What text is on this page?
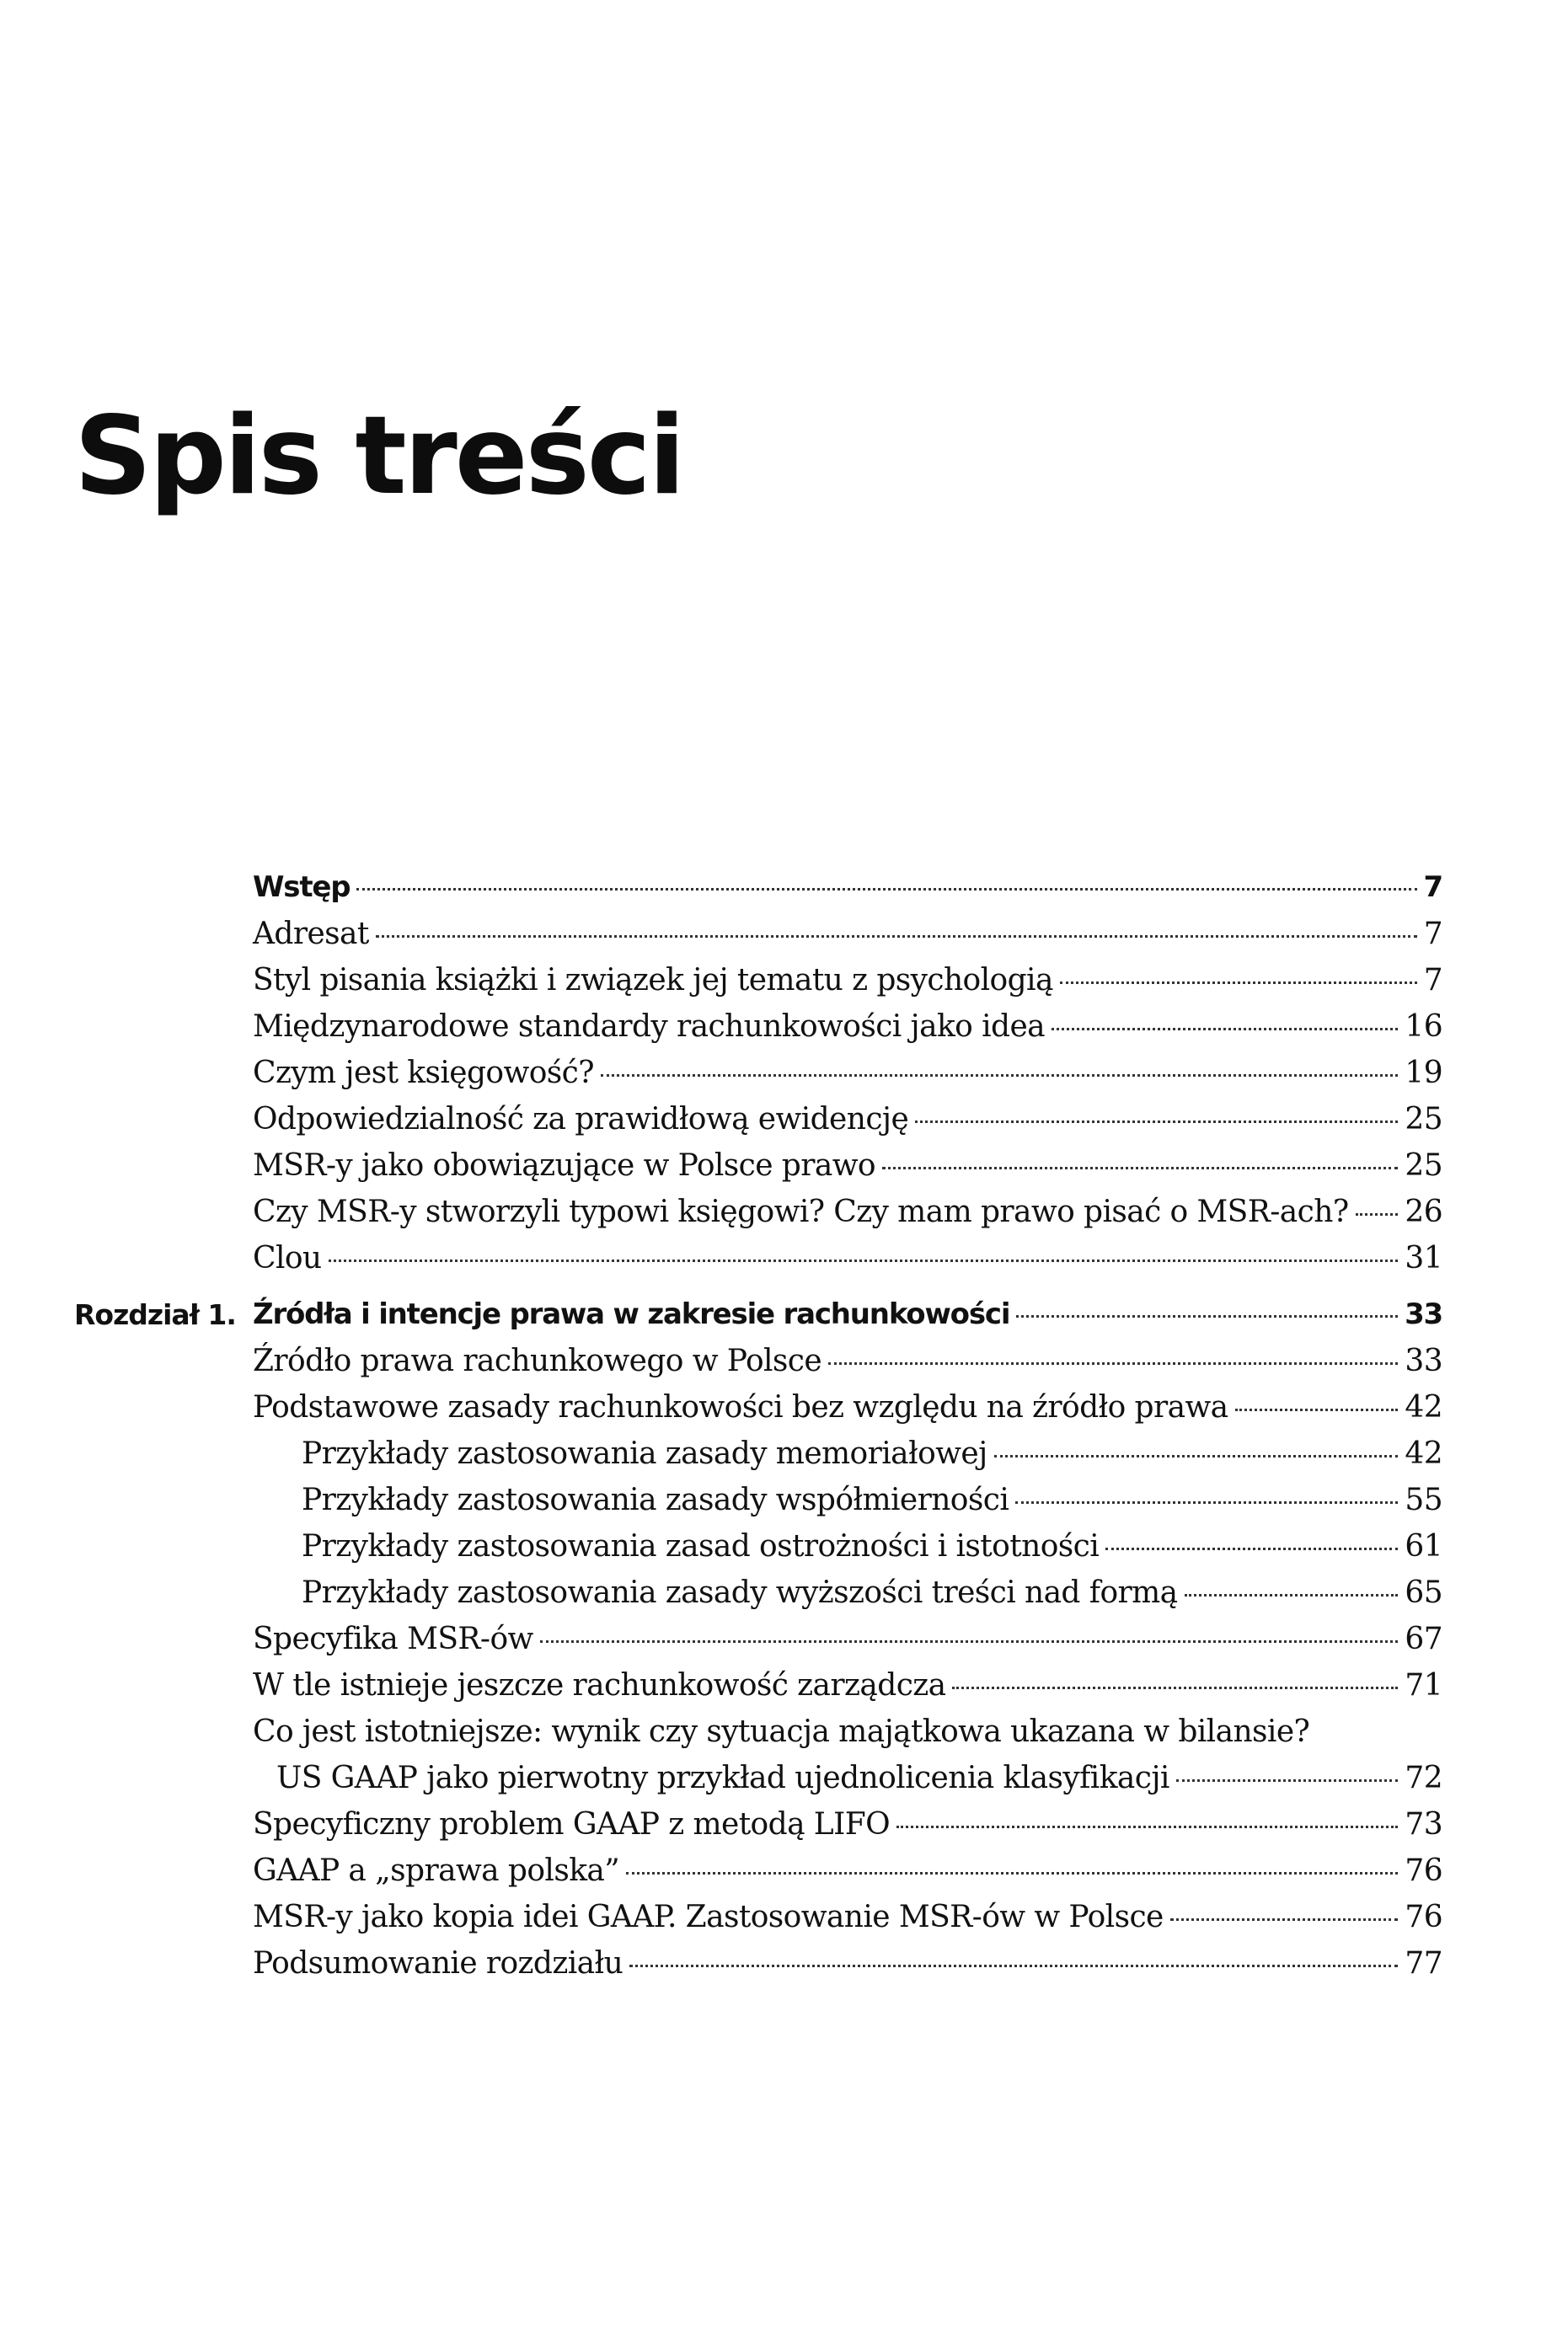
Spis treści
Wstęp	7
Adresat	7
Styl pisania książki i związek jej tematu z psychologią	7
Międzynarodowe standardy rachunkowości jako idea	16
Czym jest księgowość?	19
Odpowiedzialność za prawidłową ewidencję	25
MSR-y jako obowiązujące w Polsce prawo	25
Czy MSR-y stworzyli typowi księgowi? Czy mam prawo pisać o MSR-ach? 26
Clou	31
Rozdział 1. Źródła i intencje prawa w zakresie rachunkowości	33
Źródło prawa rachunkowego w Polsce	33
Podstawowe zasady rachunkowości bez względu na źródło prawa	42
Przykłady zastosowania zasady memoriałowej	42
Przykłady zastosowania zasady współmierności	55
Przykłady zastosowania zasad ostrożności i istotności	61
Przykłady zastosowania zasady wyższości treści nad formą	65
Specyfika MSR-ów	67
W tle istnieje jeszcze rachunkowość zarządcza	71
Co jest istotniejsze: wynik czy sytuacja majątkowa ukazana w bilansie?
US GAAP jako pierwotny przykład ujednolicenia klasyfikacji	72
Specyficzny problem GAAP z metodą LIFO	73
GAAP a „sprawa polska”	76
MSR-y jako kopia idei GAAP. Zastosowanie MSR-ów w Polsce	76
Podsumowanie rozdziału	77
